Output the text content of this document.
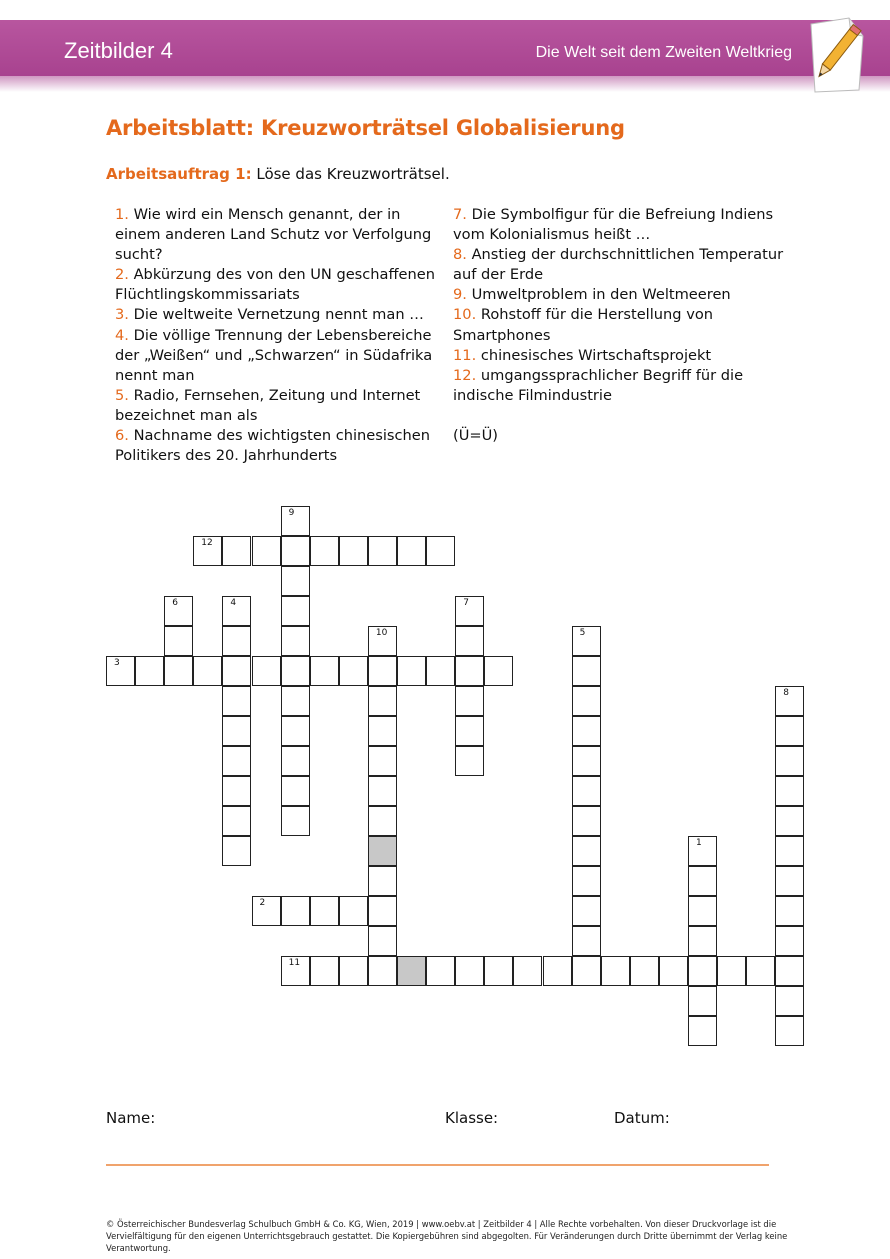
Zeitbilder 4	Die Welt seit dem Zweiten Weltkrieg
Arbeitsblatt: Kreuzworträtsel Globalisierung
Arbeitsauftrag 1: Löse das Kreuzworträtsel.

1. Wie wird ein Mensch genannt, der in einem anderen Land Schutz vor Verfolgung sucht?

2. Abkürzung des von den UN geschaffenen Flüchtlingskommissariats

3. Die weltweite Vernetzung nennt man …

4. Die völlige Trennung der Lebensbereiche der „Weißen“ und „Schwarzen“ in Südafrika nennt man

5. Radio, Fernsehen, Zeitung und Internet bezeichnet man als

6. Nachname des wichtigsten chinesischen Politikers des 20. Jahrhunderts

7. Die Symbolfigur für die Befreiung Indiens vom Kolonialismus heißt …

8. Anstieg der durchschnittlichen Temperatur auf der Erde

9. Umweltproblem in den Weltmeeren

10. Rohstoff für die Herstellung von Smartphones

11. chinesisches Wirtschaftsprojekt

12. umgangssprachlicher Begriff für die indische Filmindustrie

(Ü=Ü)

1
2
3
4
5
6	7
8
9
10
11
12
Name:	Klasse:	Datum:
© Österreichischer Bundesverlag Schulbuch GmbH & Co. KG, Wien, 2019 | www.oebv.at | Zeitbilder 4 | Alle Rechte vorbehalten. Von dieser Druckvorlage ist die Vervielfältigung für den eigenen Unterrichtsgebrauch gestattet. Die Kopiergebühren sind abgegolten. Für Veränderungen durch Dritte übernimmt der Verlag keine Verantwortung.
